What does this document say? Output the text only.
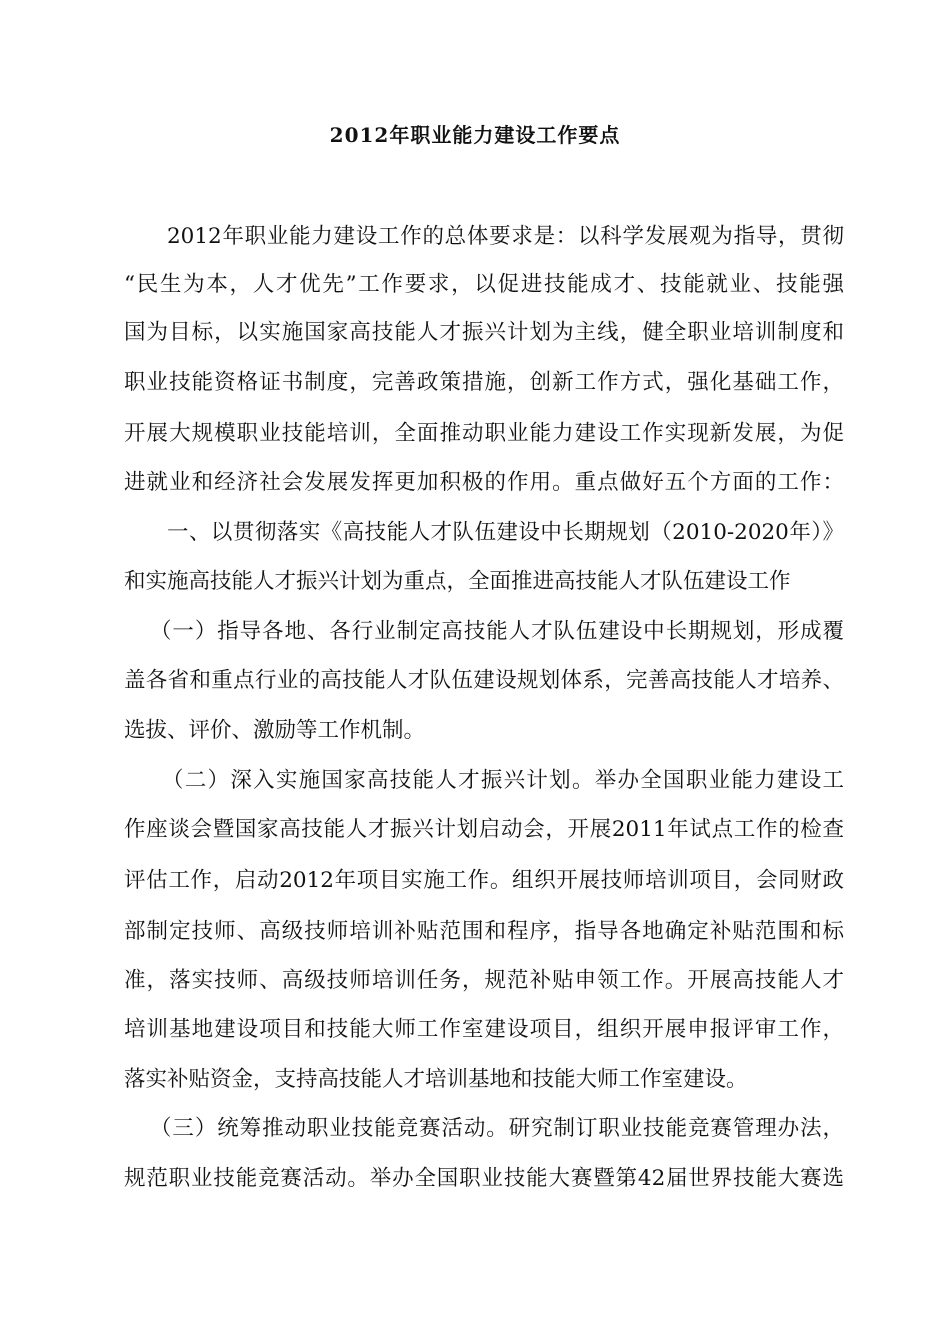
2012年职业能力建设工作要点

2012年职业能力建设工作的总体要求是：以科学发展观为指导，贯彻

“民生为本，人才优先”工作要求，以促进技能成才、技能就业、技能强

国为目标，以实施国家高技能人才振兴计划为主线，健全职业培训制度和

职业技能资格证书制度，完善政策措施，创新工作方式，强化基础工作，

开展大规模职业技能培训，全面推动职业能力建设工作实现新发展，为促

进就业和经济社会发展发挥更加积极的作用。重点做好五个方面的工作：

一、以贯彻落实《高技能人才队伍建设中长期规划（2010-2020年）》

和实施高技能人才振兴计划为重点，全面推进高技能人才队伍建设工作

（一）指导各地、各行业制定高技能人才队伍建设中长期规划，形成覆

盖各省和重点行业的高技能人才队伍建设规划体系，完善高技能人才培养、

选拔、评价、激励等工作机制。

（二）深入实施国家高技能人才振兴计划。举办全国职业能力建设工

作座谈会暨国家高技能人才振兴计划启动会，开展2011年试点工作的检查

评估工作，启动2012年项目实施工作。组织开展技师培训项目，会同财政

部制定技师、高级技师培训补贴范围和程序，指导各地确定补贴范围和标

准，落实技师、高级技师培训任务，规范补贴申领工作。开展高技能人才

培训基地建设项目和技能大师工作室建设项目，组织开展申报评审工作，

落实补贴资金，支持高技能人才培训基地和技能大师工作室建设。

（三）统筹推动职业技能竞赛活动。研究制订职业技能竞赛管理办法，

规范职业技能竞赛活动。举办全国职业技能大赛暨第42届世界技能大赛选
